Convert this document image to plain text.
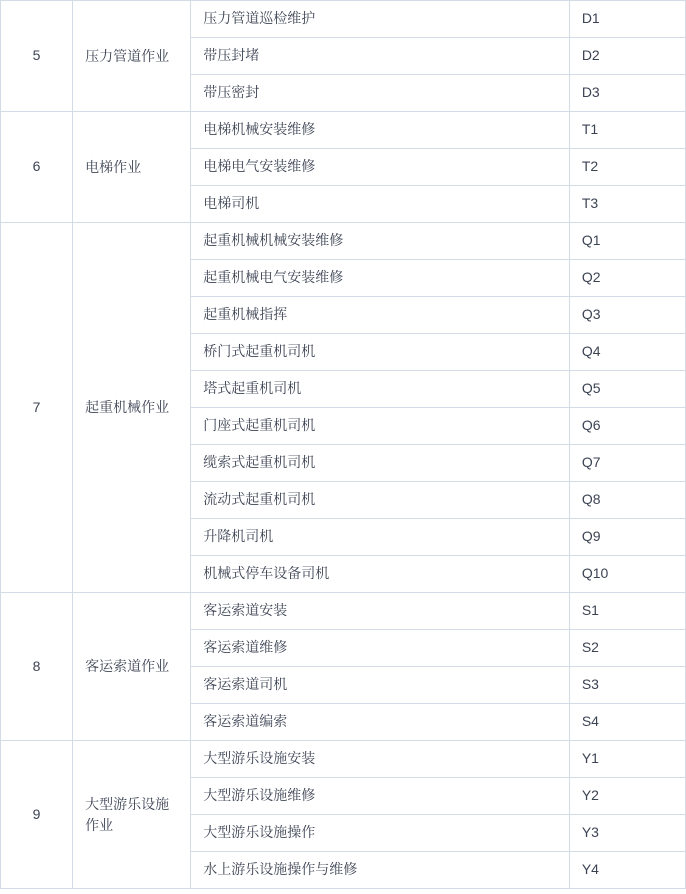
5	压力管道作业	压力管道巡检维护	D1
		带压封堵	D2
		带压密封	D3
6	电梯作业	电梯机械安装维修	T1
		电梯电气安装维修	T2
		电梯司机	T3
7	起重机械作业	起重机械机械安装维修	Q1
		起重机械电气安装维修	Q2
		起重机械指挥	Q3
		桥门式起重机司机	Q4
		塔式起重机司机	Q5
		门座式起重机司机	Q6
		缆索式起重机司机	Q7
		流动式起重机司机	Q8
		升降机司机	Q9
		机械式停车设备司机	Q10
8	客运索道作业	客运索道安装	S1
		客运索道维修	S2
		客运索道司机	S3
		客运索道编索	S4
9	大型游乐设施作业	大型游乐设施安装	Y1
		大型游乐设施维修	Y2
		大型游乐设施操作	Y3
		水上游乐设施操作与维修	Y4
